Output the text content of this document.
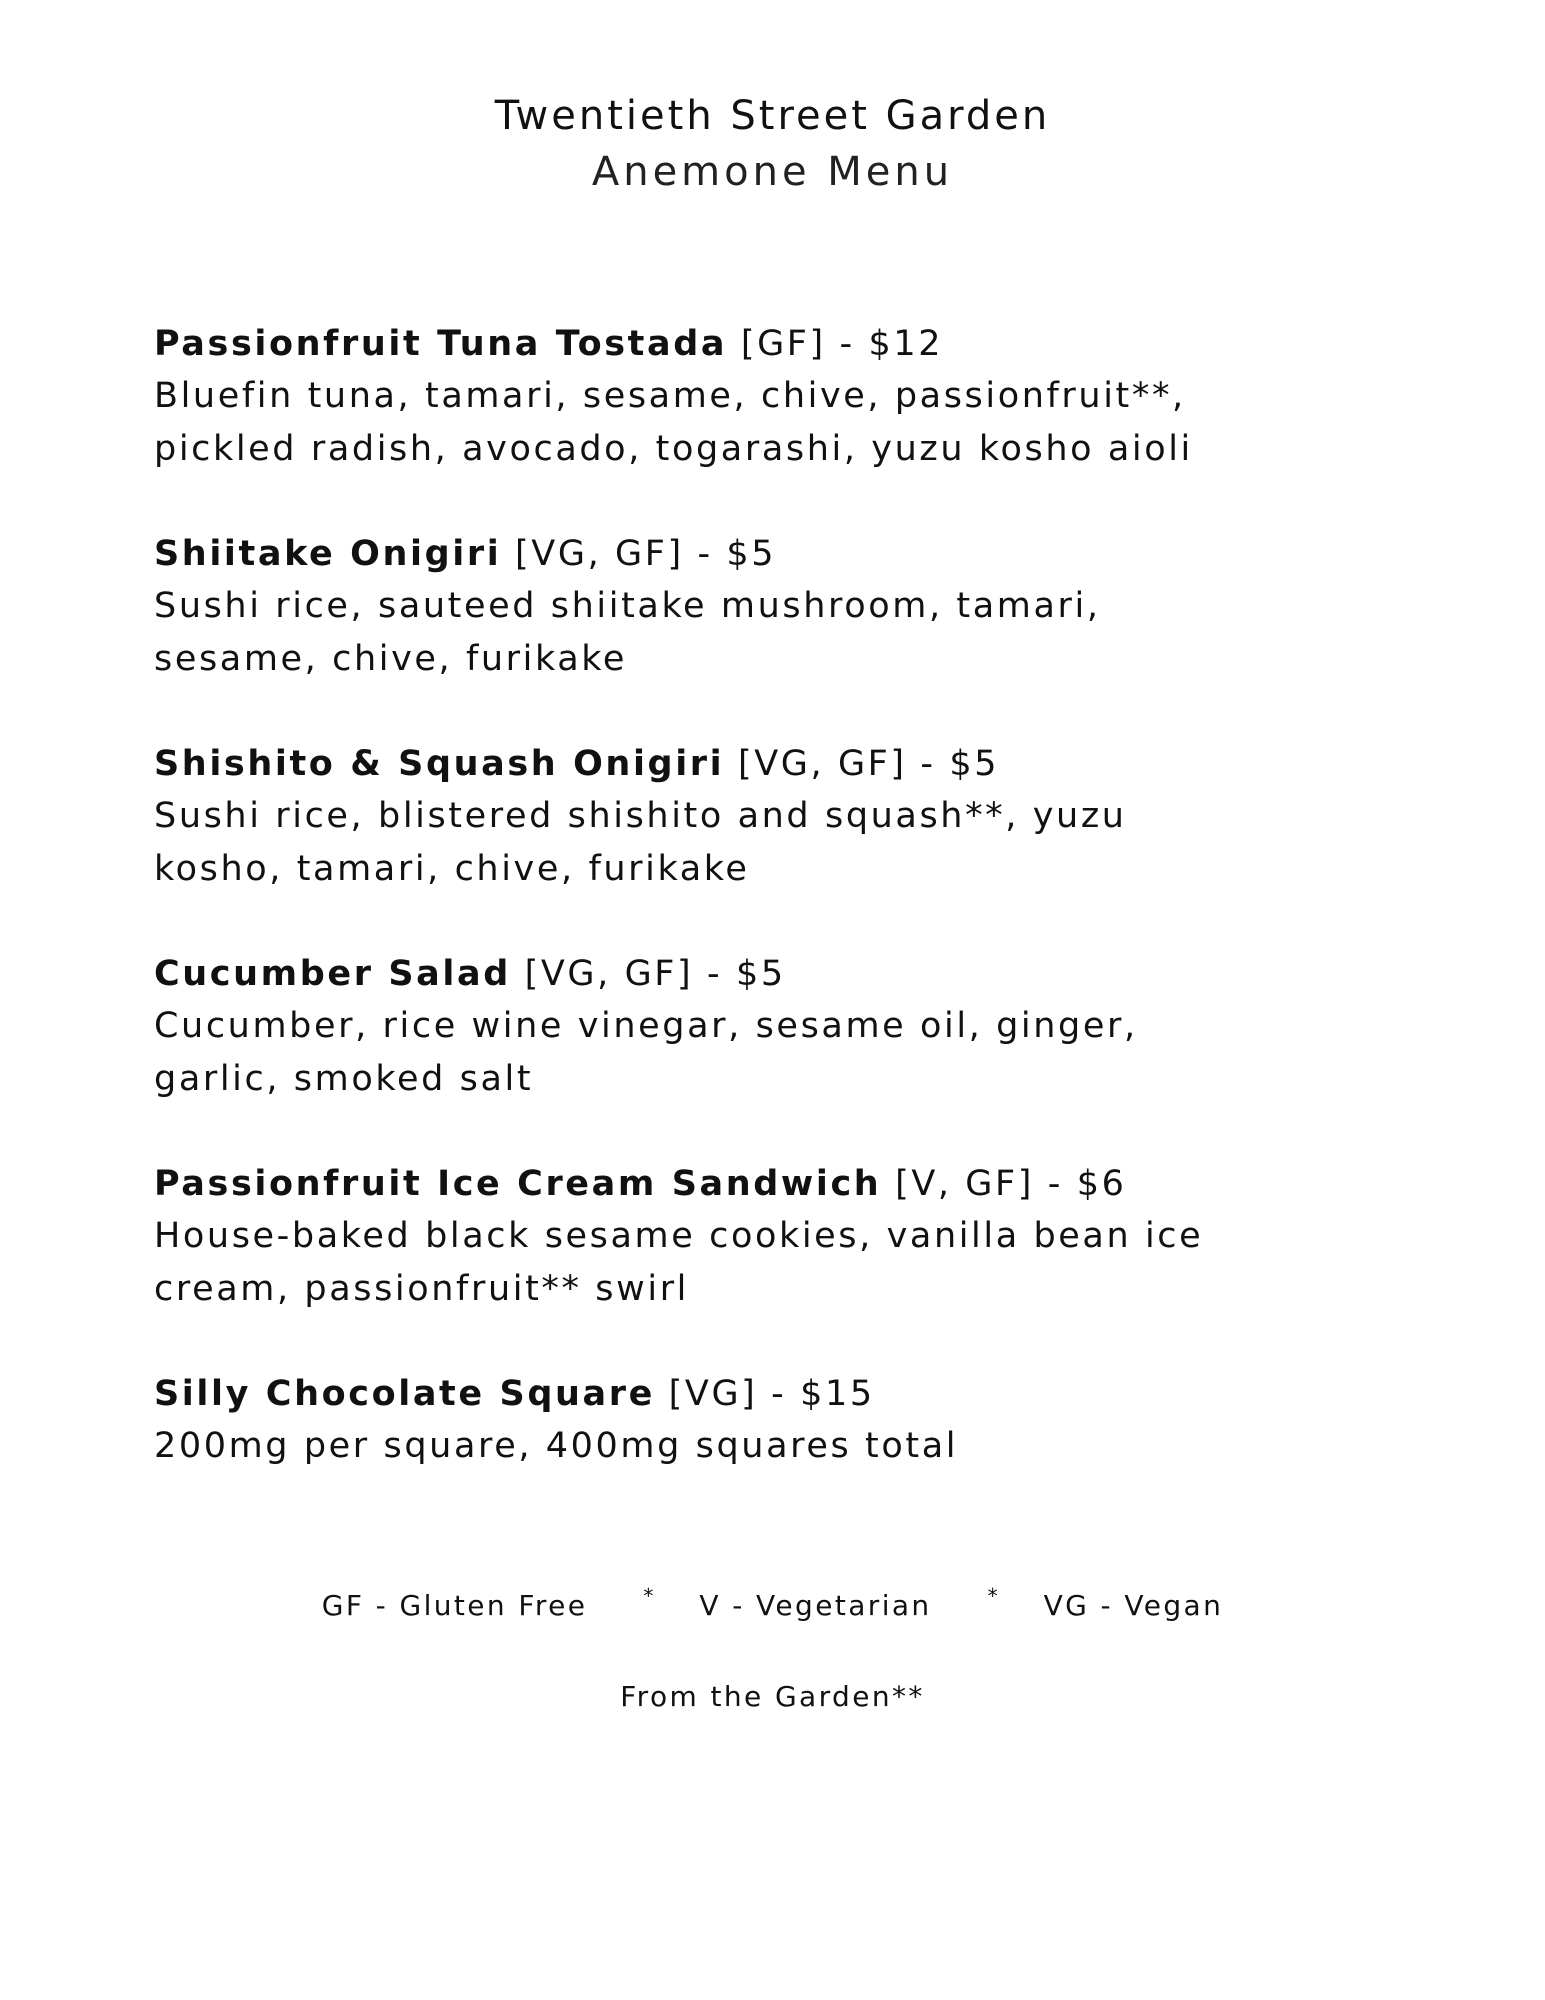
Twentieth Street Garden
Anemone Menu
Passionfruit Tuna Tostada [GF] - $12

Bluefin tuna, tamari, sesame, chive, passionfruit**,
pickled radish, avocado, togarashi, yuzu kosho aioli

Shiitake Onigiri [VG, GF] - $5

Sushi rice, sauteed shiitake mushroom, tamari,
sesame, chive, furikake

Shishito & Squash Onigiri [VG, GF] - $5

Sushi rice, blistered shishito and squash**, yuzu
kosho, tamari, chive, furikake

Cucumber Salad [VG, GF] - $5

Cucumber, rice wine vinegar, sesame oil, ginger,
garlic, smoked salt

Passionfruit Ice Cream Sandwich [V, GF] - $6

House-baked black sesame cookies, vanilla bean ice
cream, passionfruit** swirl

Silly Chocolate Square [VG] - $15

200mg per square, 400mg squares total

GF - Gluten Free	* V - Vegetarian	* VG - Vegan
From the Garden**
